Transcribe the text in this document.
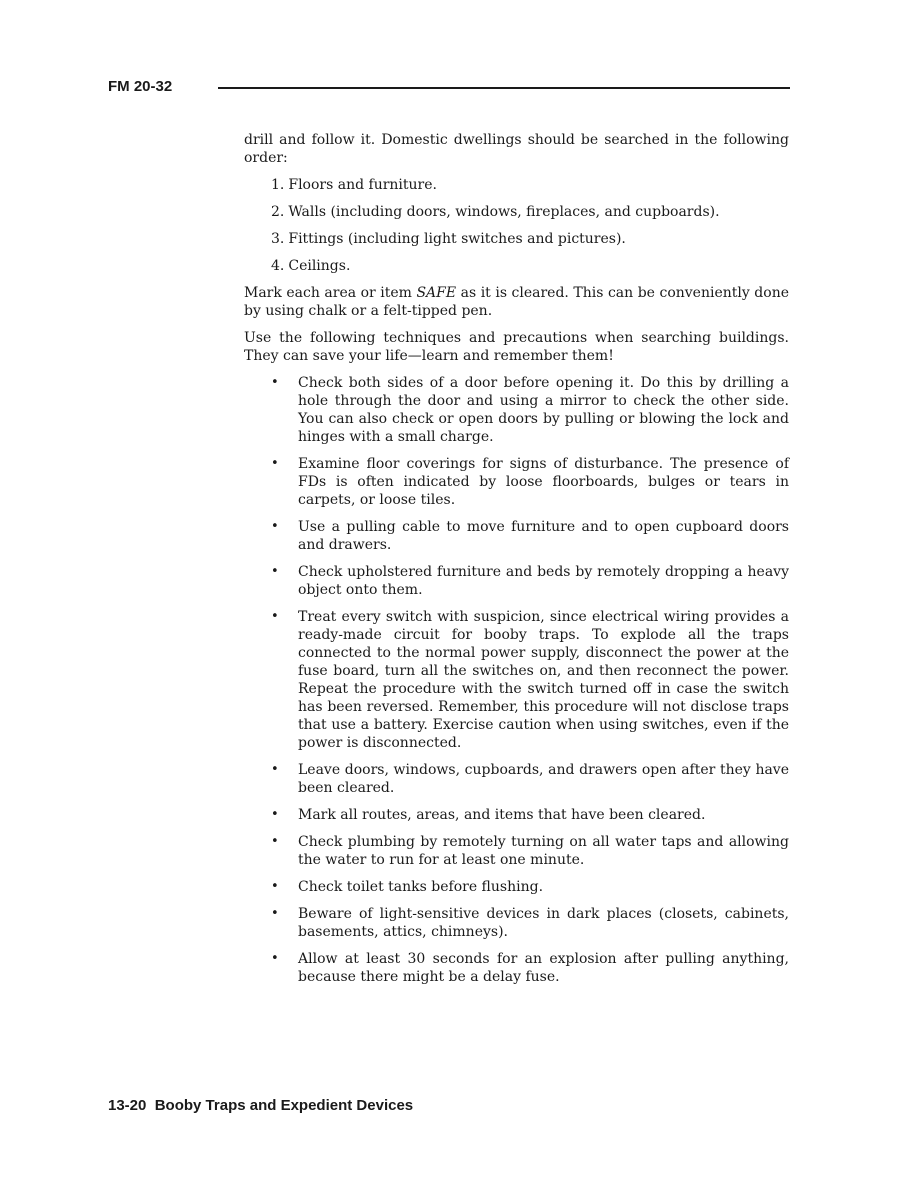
FM 20-32

drill and follow it. Domestic dwellings should be searched in the following order:

1. Floors and furniture.
2. Walls (including doors, windows, fireplaces, and cupboards).
3. Fittings (including light switches and pictures).
4. Ceilings.

Mark each area or item SAFE as it is cleared. This can be conveniently done by using chalk or a felt-tipped pen.

Use the following techniques and precautions when searching buildings. They can save your life—learn and remember them!

• Check both sides of a door before opening it. Do this by drilling a hole through the door and using a mirror to check the other side. You can also check or open doors by pulling or blowing the lock and hinges with a small charge.
• Examine floor coverings for signs of disturbance. The presence of FDs is often indicated by loose floorboards, bulges or tears in carpets, or loose tiles.
• Use a pulling cable to move furniture and to open cupboard doors and drawers.
• Check upholstered furniture and beds by remotely dropping a heavy object onto them.
• Treat every switch with suspicion, since electrical wiring provides a ready-made circuit for booby traps. To explode all the traps connected to the normal power supply, disconnect the power at the fuse board, turn all the switches on, and then reconnect the power. Repeat the procedure with the switch turned off in case the switch has been reversed. Remember, this procedure will not disclose traps that use a battery. Exercise caution when using switches, even if the power is disconnected.
• Leave doors, windows, cupboards, and drawers open after they have been cleared.
• Mark all routes, areas, and items that have been cleared.
• Check plumbing by remotely turning on all water taps and allowing the water to run for at least one minute.
• Check toilet tanks before flushing.
• Beware of light-sensitive devices in dark places (closets, cabinets, basements, attics, chimneys).
• Allow at least 30 seconds for an explosion after pulling anything, because there might be a delay fuse.
13-20 Booby Traps and Expedient Devices
